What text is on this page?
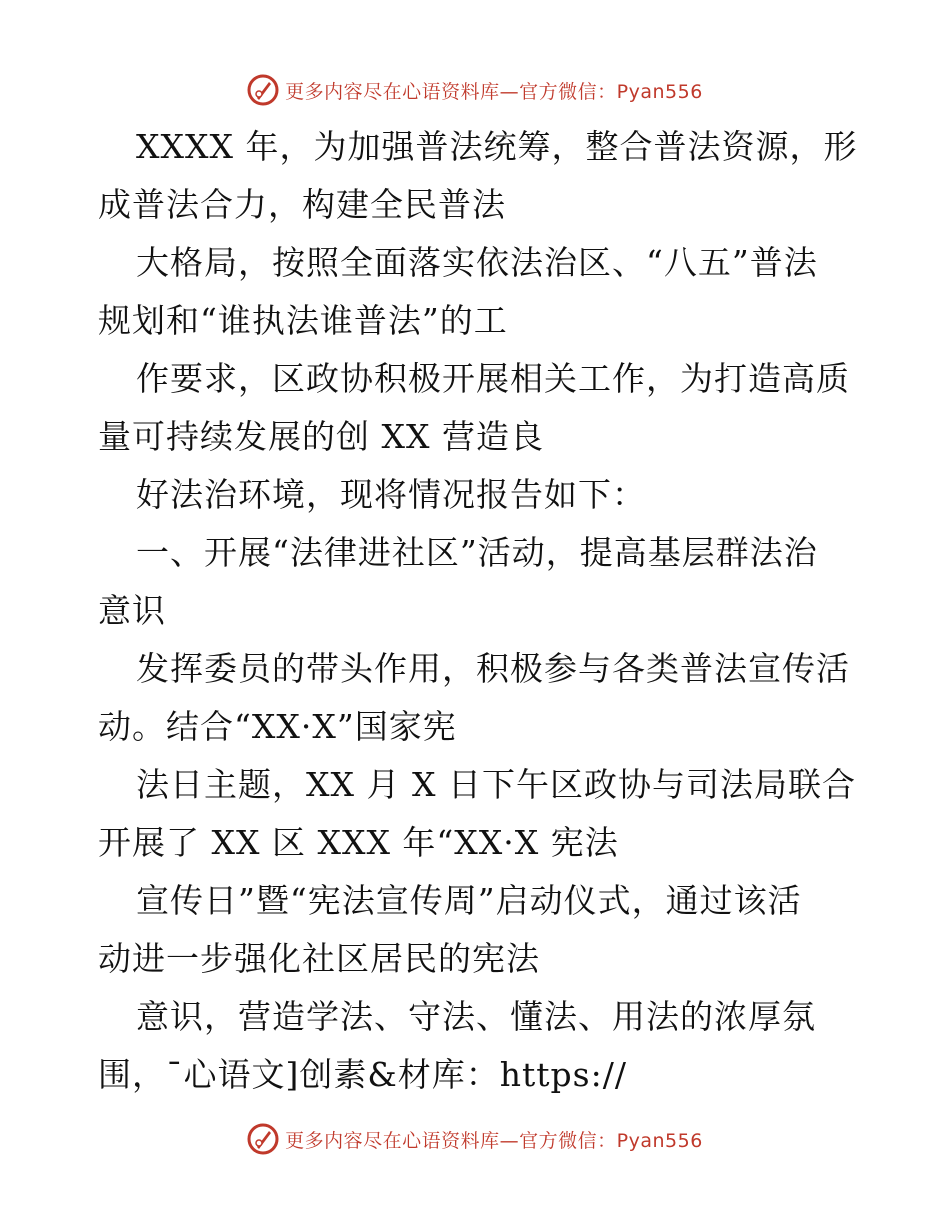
更多内容尽在心语资料库—官方微信：Pyan556

XXXX 年，为加强普法统筹，整合普法资源，形
成普法合力，构建全民普法

大格局，按照全面落实依法治区、“八五”普法
规划和“谁执法谁普法”的工

作要求，区政协积极开展相关工作，为打造高质
量可持续发展的创 XX 营造良

好法治环境，现将情况报告如下：

一、开展“法律进社区”活动，提高基层群法治
意识

发挥委员的带头作用，积极参与各类普法宣传活
动。结合“XX·X”国家宪

法日主题，XX 月 X 日下午区政协与司法局联合
开展了 XX 区 XXX 年“XX·X 宪法

宣传日”暨“宪法宣传周”启动仪式，通过该活
动进一步强化社区居民的宪法

意识，营造学法、守法、懂法、用法的浓厚氛
围，¯心语文]创素&材库：https://

更多内容尽在心语资料库—官方微信：Pyan556
